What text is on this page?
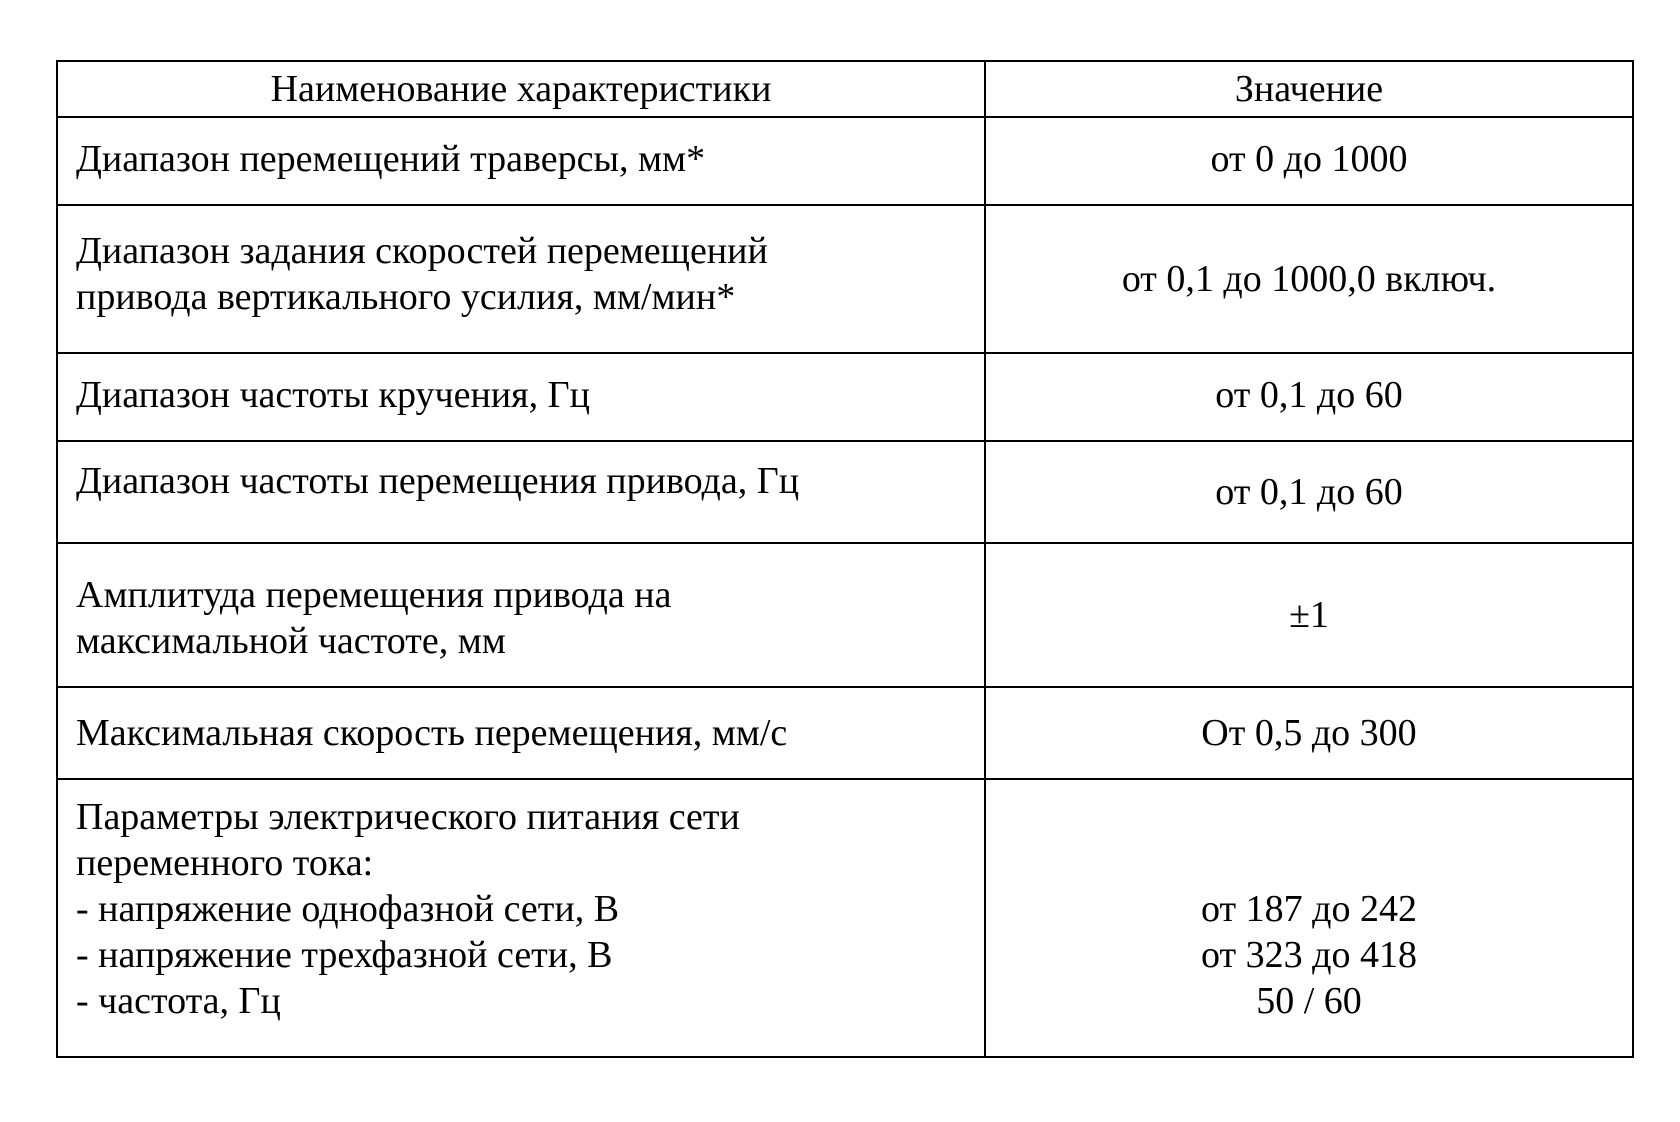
Наименование характеристики	Значение

Диапазон перемещений траверсы, мм*	от 0 до 1000

Диапазон задания скоростей перемещений
привода вертикального усилия, мм/мин*	от 0,1 до 1000,0 включ.

Диапазон частоты кручения, Гц	от 0,1 до 60

Диапазон частоты перемещения привода, Гц	от 0,1 до 60

Амплитуда перемещения привода на
максимальной частоте, мм	±1

Максимальная скорость перемещения, мм/с	От 0,5 до 300

Параметры электрического питания сети
переменного тока:
- напряжение однофазной сети, В
- напряжение трехфазной сети, В
- частота, Гц	от 187 до 242
от 323 до 418
50 / 60
